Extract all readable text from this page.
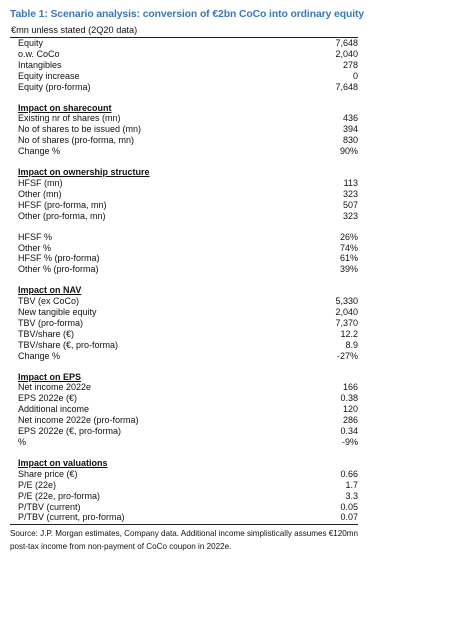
Table 1: Scenario analysis: conversion of €2bn CoCo into ordinary equity
€mn unless stated (2Q20 data)
Equity	7,648
o.w. CoCo	2,040
Intangibles	278
Equity increase	0
Equity (pro-forma)	7,648
Impact on sharecount
Existing nr of shares (mn)	436
No of shares to be issued (mn)	394
No of shares (pro-forma, mn)	830
Change %	90%
Impact on ownership structure
HFSF (mn)	113
Other (mn)	323
HFSF (pro-forma, mn)	507
Other (pro-forma, mn)	323
HFSF %	26%
Other %	74%
HFSF % (pro-forma)	61%
Other % (pro-forma)	39%
Impact on NAV
TBV (ex CoCo)	5,330
New tangible equity	2,040
TBV (pro-forma)	7,370
TBV/share (€)	12.2
TBV/share (€, pro-forma)	8.9
Change %	-27%
Impact on EPS
Net income 2022e	166
EPS 2022e (€)	0.38
Additional income	120
Net income 2022e (pro-forma)	286
EPS 2022e (€, pro-forma)	0.34
%	-9%
Impact on valuations
Share price (€)	0.66
P/E (22e)	1.7
P/E (22e, pro-forma)	3.3
P/TBV (current)	0.05
P/TBV (current, pro-forma)	0.07
Source: J.P. Morgan estimates, Company data. Additional income simplistically assumes €120mn
post-tax income from non-payment of CoCo coupon in 2022e.
